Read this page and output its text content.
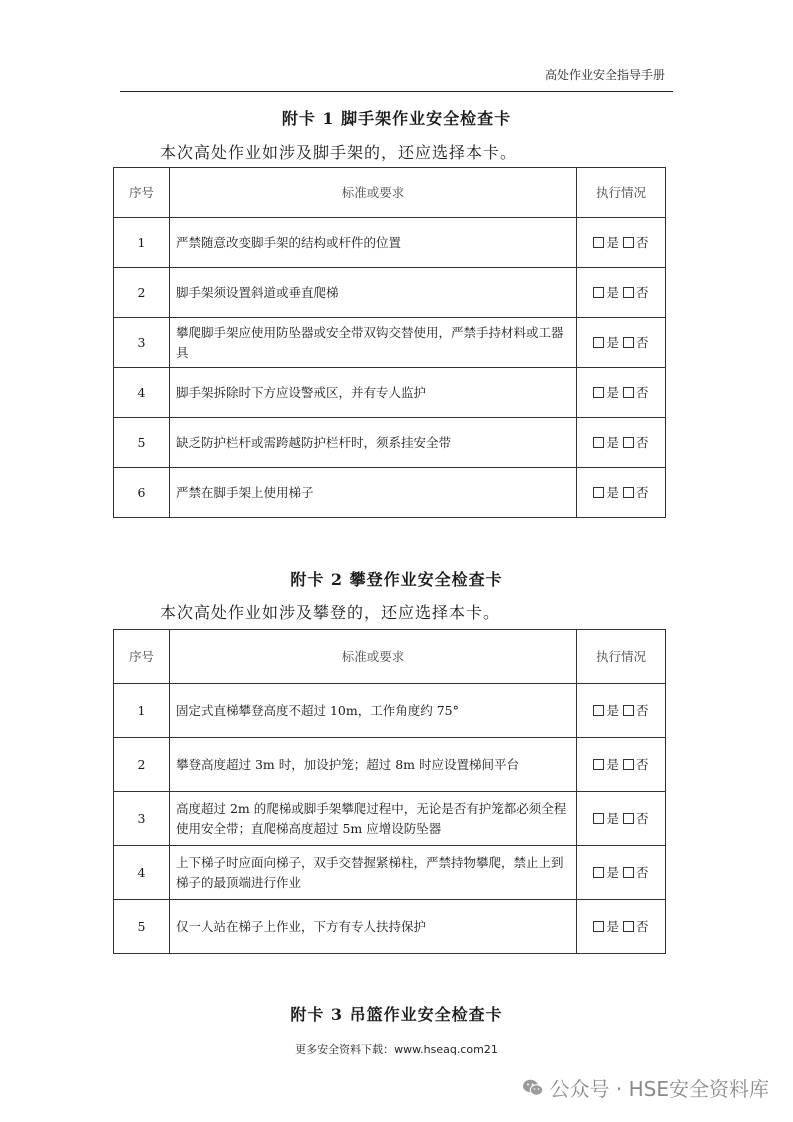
高处作业安全指导手册
附卡 1 脚手架作业安全检查卡
本次高处作业如涉及脚手架的，还应选择本卡。
序号	标准或要求	执行情况
1	严禁随意改变脚手架的结构或杆件的位置	是 否
2	脚手架须设置斜道或垂直爬梯	是 否
3	攀爬脚手架应使用防坠器或安全带双钩交替使用，严禁手持材料或工器具	是 否
4	脚手架拆除时下方应设警戒区，并有专人监护	是 否
5	缺乏防护栏杆或需跨越防护栏杆时，须系挂安全带	是 否
6	严禁在脚手架上使用梯子	是 否
附卡 2 攀登作业安全检查卡
本次高处作业如涉及攀登的，还应选择本卡。
序号	标准或要求	执行情况
1	固定式直梯攀登高度不超过 10m，工作角度约 75°	是 否
2	攀登高度超过 3m 时，加设护笼；超过 8m 时应设置梯间平台	是 否
3	高度超过 2m 的爬梯或脚手架攀爬过程中，无论是否有护笼都必须全程使用安全带；直爬梯高度超过 5m 应增设防坠器	是 否
4	上下梯子时应面向梯子，双手交替握紧梯柱，严禁持物攀爬，禁止上到梯子的最顶端进行作业	是 否
5	仅一人站在梯子上作业，下方有专人扶持保护	是 否
附卡 3 吊篮作业安全检查卡
更多安全资料下载：www.hseaq.com21
公众号 · HSE安全资料库
